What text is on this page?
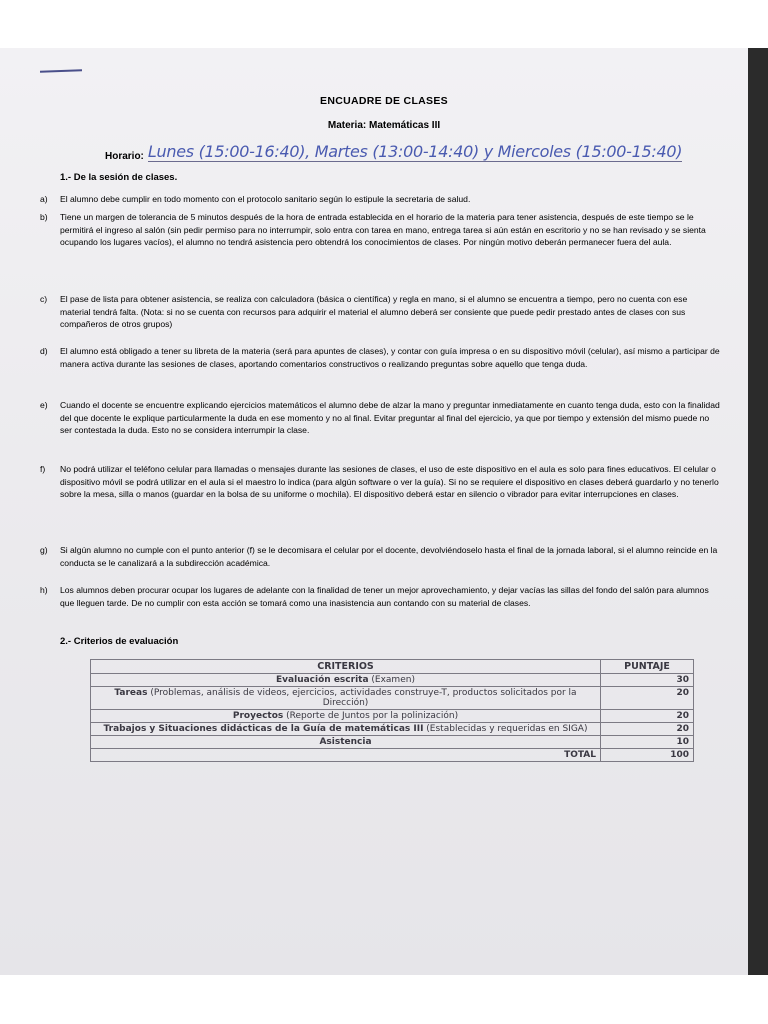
ENCUADRE DE CLASES
Materia: Matemáticas III
Horario: Lunes (15:00-16:40), Martes (13:00-14:40) y Miercoles (15:00-15:40)
1.- De la sesión de clases.
a)	El alumno debe cumplir en todo momento con el protocolo sanitario según lo estipule la secretaria de salud.
b)	Tiene un margen de tolerancia de 5 minutos después de la hora de entrada establecida en el horario de la materia para tener asistencia, después de este tiempo se le permitirá el ingreso al salón (sin pedir permiso para no interrumpir, solo entra con tarea en mano, entrega tarea si aún están en escritorio y no se han revisado y se sienta ocupando los lugares vacíos), el alumno no tendrá asistencia pero obtendrá los conocimientos de clases. Por ningún motivo deberán permanecer fuera del aula.
c)	El pase de lista para obtener asistencia, se realiza con calculadora (básica o científica) y regla en mano, si el alumno se encuentra a tiempo, pero no cuenta con ese material tendrá falta. (Nota: si no se cuenta con recursos para adquirir el material el alumno deberá ser consiente que puede pedir prestado antes de clases con sus compañeros de otros grupos)
d)	El alumno está obligado a tener su libreta de la materia (será para apuntes de clases), y contar con guía impresa o en su dispositivo móvil (celular), así mismo a participar de manera activa durante las sesiones de clases, aportando comentarios constructivos o realizando preguntas sobre aquello que tenga duda.
e)	Cuando el docente se encuentre explicando ejercicios matemáticos el alumno debe de alzar la mano y preguntar inmediatamente en cuanto tenga duda, esto con la finalidad del que docente le explique particularmente la duda en ese momento y no al final. Evitar preguntar al final del ejercicio, ya que por tiempo y extensión del mismo puede no ser contestada la duda. Esto no se considera interrumpir la clase.
f)	No podrá utilizar el teléfono celular para llamadas o mensajes durante las sesiones de clases, el uso de este dispositivo en el aula es solo para fines educativos. El celular o dispositivo móvil se podrá utilizar en el aula si el maestro lo indica (para algún software o ver la guía). Si no se requiere el dispositivo en clases deberá guardarlo y no tenerlo sobre la mesa, silla o manos (guardar en la bolsa de su uniforme o mochila). El dispositivo deberá estar en silencio o vibrador para evitar interrupciones en clases.
g)	Si algún alumno no cumple con el punto anterior (f) se le decomisara el celular por el docente, devolviéndoselo hasta el final de la jornada laboral, si el alumno reincide en la conducta se le canalizará a la subdirección académica.
h)	Los alumnos deben procurar ocupar los lugares de adelante con la finalidad de tener un mejor aprovechamiento, y dejar vacías las sillas del fondo del salón para alumnos que lleguen tarde. De no cumplir con esta acción se tomará como una inasistencia aun contando con su material de clases.
2.- Criterios de evaluación
CRITERIOS	PUNTAJE
Evaluación escrita (Examen)	30
Tareas (Problemas, análisis de videos, ejercicios, actividades construye-T, productos solicitados por la Dirección)	20
Proyectos (Reporte de Juntos por la polinización)	20
Trabajos y Situaciones didácticas de la Guía de matemáticas III (Establecidas y requeridas en SIGA)	20
Asistencia	10
TOTAL	100
